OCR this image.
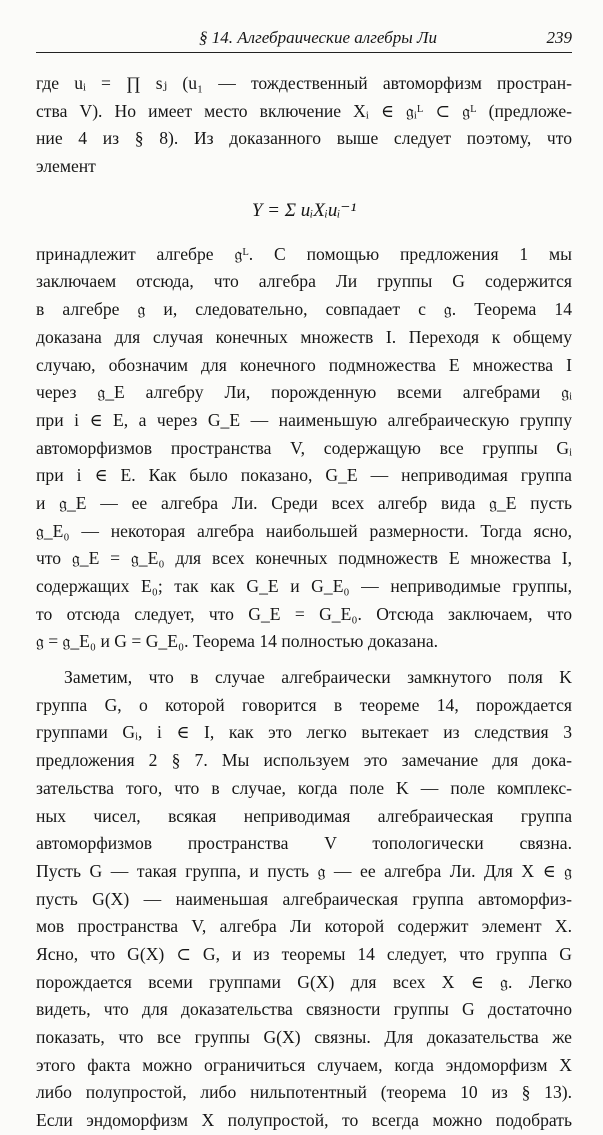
§ 14. Алгебраические алгебры Ли	239
где uᵢ = ∏ sⱼ (u₁ — тождественный автоморфизм простран-
ства V). Но имеет место включение Xᵢ ∈ 𝔤ᵢᴸ ⊂ 𝔤ᴸ (предложе-
ние 4 из § 8). Из доказанного выше следует поэтому, что
элемент
Y = Σ uᵢXᵢuᵢ⁻¹
принадлежит алгебре 𝔤ᴸ. С помощью предложения 1 мы
заключаем отсюда, что алгебра Ли группы G содержится
в алгебре 𝔤 и, следовательно, совпадает с 𝔤. Теорема 14
доказана для случая конечных множеств I. Переходя к общему
случаю, обозначим для конечного подмножества E множества I
через 𝔤_E алгебру Ли, порожденную всеми алгебрами 𝔤ᵢ
при i ∈ E, а через G_E — наименьшую алгебраическую группу
автоморфизмов пространства V, содержащую все группы Gᵢ
при i ∈ E. Как было показано, G_E — неприводимая группа
и 𝔤_E — ее алгебра Ли. Среди всех алгебр вида 𝔤_E пусть
𝔤_E₀ — некоторая алгебра наибольшей размерности. Тогда ясно,
что 𝔤_E = 𝔤_E₀ для всех конечных подмножеств E множества I,
содержащих E₀; так как G_E и G_E₀ — неприводимые группы,
то отсюда следует, что G_E = G_E₀. Отсюда заключаем, что
𝔤 = 𝔤_E₀ и G = G_E₀. Теорема 14 полностью доказана.
Заметим, что в случае алгебраически замкнутого поля K
группа G, о которой говорится в теореме 14, порождается
группами Gᵢ, i ∈ I, как это легко вытекает из следствия 3
предложения 2 § 7. Мы используем это замечание для дока-
зательства того, что в случае, когда поле K — поле комплекс-
ных чисел, всякая неприводимая алгебраическая группа
автоморфизмов пространства V топологически связна.
Пусть G — такая группа, и пусть 𝔤 — ее алгебра Ли. Для X ∈ 𝔤
пусть G(X) — наименьшая алгебраическая группа автоморфиз-
мов пространства V, алгебра Ли которой содержит элемент X.
Ясно, что G(X) ⊂ G, и из теоремы 14 следует, что группа G
порождается всеми группами G(X) для всех X ∈ 𝔤. Легко
видеть, что для доказательства связности группы G достаточно
показать, что все группы G(X) связны. Для доказательства же
этого факта можно ограничиться случаем, когда эндоморфизм X
либо полупростой, либо нильпотентный (теорема 10 из § 13).
Если эндоморфизм X полупростой, то всегда можно подобрать
